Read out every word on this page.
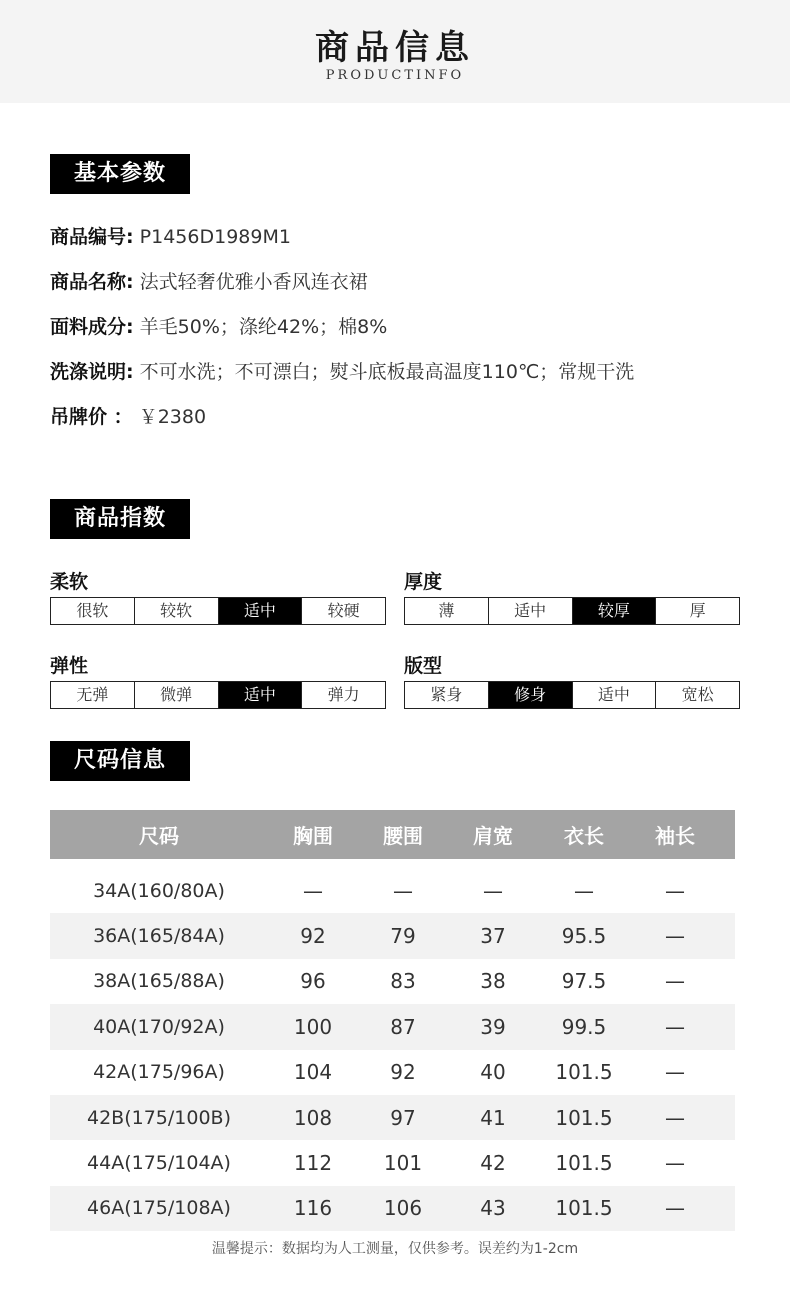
商品信息
PRODUCTINFO
基本参数
商品编号: P1456D1989M1
商品名称: 法式轻奢优雅小香风连衣裙
面料成分: 羊毛50%；涤纶42%；棉8%
洗涤说明: 不可水洗；不可漂白；熨斗底板最高温度110℃；常规干洗
吊牌价 ： ￥2380
商品指数
柔软
很软	较软	适中	较硬
厚度
薄	适中	较厚	厚
弹性
无弹	微弹	适中	弹力
版型
紧身	修身	适中	宽松
尺码信息
尺码	胸围	腰围	肩宽	衣长	袖长
34A(160/80A)	—	—	—	—	—
36A(165/84A)	92	79	37	95.5	—
38A(165/88A)	96	83	38	97.5	—
40A(170/92A)	100	87	39	99.5	—
42A(175/96A)	104	92	40	101.5	—
42B(175/100B)	108	97	41	101.5	—
44A(175/104A)	112	101	42	101.5	—
46A(175/108A)	116	106	43	101.5	—
温馨提示：数据均为人工测量，仅供参考。误差约为1-2cm
